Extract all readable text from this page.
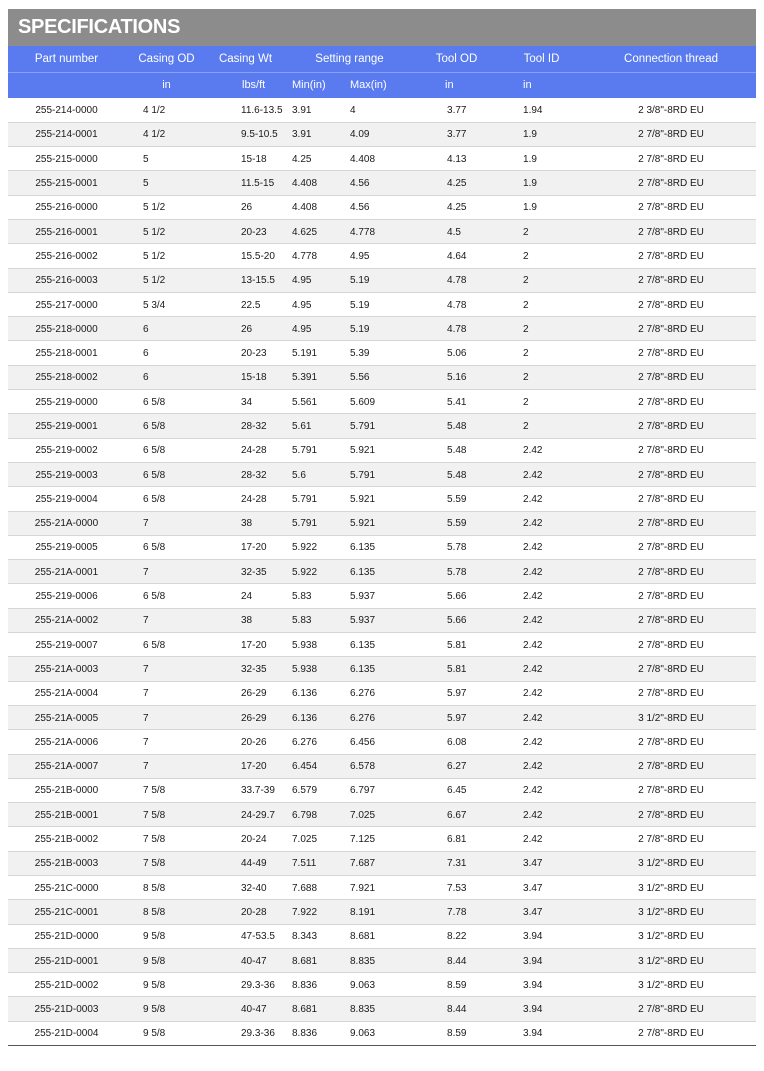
SPECIFICATIONS
Part number	Casing OD	Casing Wt	Setting range		Tool OD	Tool ID	Connection thread
	in	lbs/ft	Min(in)	Max(in)	in	in	
255-214-0000	4 1/2	11.6-13.5	3.91	4	3.77	1.94	2 3/8"-8RD EU
255-214-0001	4 1/2	9.5-10.5	3.91	4.09	3.77	1.9	2 7/8"-8RD EU
255-215-0000	5	15-18	4.25	4.408	4.13	1.9	2 7/8"-8RD EU
255-215-0001	5	11.5-15	4.408	4.56	4.25	1.9	2 7/8"-8RD EU
255-216-0000	5 1/2	26	4.408	4.56	4.25	1.9	2 7/8"-8RD EU
255-216-0001	5 1/2	20-23	4.625	4.778	4.5	2	2 7/8"-8RD EU
255-216-0002	5 1/2	15.5-20	4.778	4.95	4.64	2	2 7/8"-8RD EU
255-216-0003	5 1/2	13-15.5	4.95	5.19	4.78	2	2 7/8"-8RD EU
255-217-0000	5 3/4	22.5	4.95	5.19	4.78	2	2 7/8"-8RD EU
255-218-0000	6	26	4.95	5.19	4.78	2	2 7/8"-8RD EU
255-218-0001	6	20-23	5.191	5.39	5.06	2	2 7/8"-8RD EU
255-218-0002	6	15-18	5.391	5.56	5.16	2	2 7/8"-8RD EU
255-219-0000	6 5/8	34	5.561	5.609	5.41	2	2 7/8"-8RD EU
255-219-0001	6 5/8	28-32	5.61	5.791	5.48	2	2 7/8"-8RD EU
255-219-0002	6 5/8	24-28	5.791	5.921	5.48	2.42	2 7/8"-8RD EU
255-219-0003	6 5/8	28-32	5.6	5.791	5.48	2.42	2 7/8"-8RD EU
255-219-0004	6 5/8	24-28	5.791	5.921	5.59	2.42	2 7/8"-8RD EU
255-21A-0000	7	38	5.791	5.921	5.59	2.42	2 7/8"-8RD EU
255-219-0005	6 5/8	17-20	5.922	6.135	5.78	2.42	2 7/8"-8RD EU
255-21A-0001	7	32-35	5.922	6.135	5.78	2.42	2 7/8"-8RD EU
255-219-0006	6 5/8	24	5.83	5.937	5.66	2.42	2 7/8"-8RD EU
255-21A-0002	7	38	5.83	5.937	5.66	2.42	2 7/8"-8RD EU
255-219-0007	6 5/8	17-20	5.938	6.135	5.81	2.42	2 7/8"-8RD EU
255-21A-0003	7	32-35	5.938	6.135	5.81	2.42	2 7/8"-8RD EU
255-21A-0004	7	26-29	6.136	6.276	5.97	2.42	2 7/8"-8RD EU
255-21A-0005	7	26-29	6.136	6.276	5.97	2.42	3 1/2"-8RD EU
255-21A-0006	7	20-26	6.276	6.456	6.08	2.42	2 7/8"-8RD EU
255-21A-0007	7	17-20	6.454	6.578	6.27	2.42	2 7/8"-8RD EU
255-21B-0000	7 5/8	33.7-39	6.579	6.797	6.45	2.42	2 7/8"-8RD EU
255-21B-0001	7 5/8	24-29.7	6.798	7.025	6.67	2.42	2 7/8"-8RD EU
255-21B-0002	7 5/8	20-24	7.025	7.125	6.81	2.42	2 7/8"-8RD EU
255-21B-0003	7 5/8	44-49	7.511	7.687	7.31	3.47	3 1/2"-8RD EU
255-21C-0000	8 5/8	32-40	7.688	7.921	7.53	3.47	3 1/2"-8RD EU
255-21C-0001	8 5/8	20-28	7.922	8.191	7.78	3.47	3 1/2"-8RD EU
255-21D-0000	9 5/8	47-53.5	8.343	8.681	8.22	3.94	3 1/2"-8RD EU
255-21D-0001	9 5/8	40-47	8.681	8.835	8.44	3.94	3 1/2"-8RD EU
255-21D-0002	9 5/8	29.3-36	8.836	9.063	8.59	3.94	3 1/2"-8RD EU
255-21D-0003	9 5/8	40-47	8.681	8.835	8.44	3.94	2 7/8"-8RD EU
255-21D-0004	9 5/8	29.3-36	8.836	9.063	8.59	3.94	2 7/8"-8RD EU
